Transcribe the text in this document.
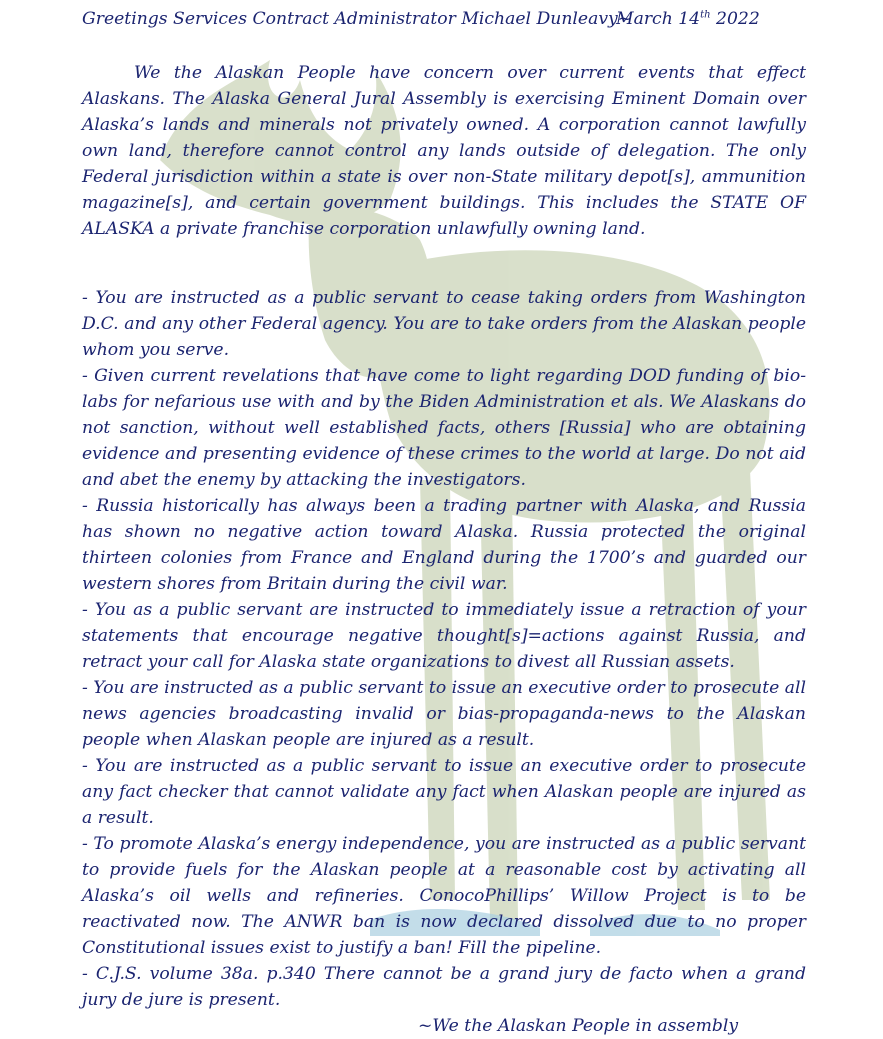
Greetings Services Contract Administrator Michael Dunleavy~
March 14th 2022

We the Alaskan People have concern over current events that effect Alaskans. The Alaska General Jural Assembly is exercising Eminent Domain over Alaska’s lands and minerals not privately owned. A corporation cannot lawfully own land, therefore cannot control any lands outside of delegation. The only Federal jurisdiction within a state is over non-State military depot[s], ammunition magazine[s], and certain government buildings. This includes the STATE OF ALASKA a private franchise corporation unlawfully owning land.

- You are instructed as a public servant to cease taking orders from Washington D.C. and any other Federal agency. You are to take orders from the Alaskan people whom you serve.

- Given current revelations that have come to light regarding DOD funding of bio-labs for nefarious use with and by the Biden Administration et als. We Alaskans do not sanction, without well established facts, others [Russia] who are obtaining evidence and presenting evidence of these crimes to the world at large. Do not aid and abet the enemy by attacking the investigators.

- Russia historically has always been a trading partner with Alaska, and Russia has shown no negative action toward Alaska. Russia protected the original thirteen colonies from France and England during the 1700’s and guarded our western shores from Britain during the civil war.

- You as a public servant are instructed to immediately issue a retraction of your statements that encourage negative thought[s]=actions against Russia, and retract your call for Alaska state organizations to divest all Russian assets.

- You are instructed as a public servant to issue an executive order to prosecute all news agencies broadcasting invalid or bias-propaganda-news to the Alaskan people when Alaskan people are injured as a result.

- You are instructed as a public servant to issue an executive order to prosecute any fact checker that cannot validate any fact when Alaskan people are injured as a result.

- To promote Alaska’s energy independence, you are instructed as a public servant to provide fuels for the Alaskan people at a reasonable cost by activating all Alaska’s oil wells and refineries. ConocoPhillips’ Willow Project is to be reactivated now. The ANWR ban is now declared dissolved due to no proper Constitutional issues exist to justify a ban! Fill the pipeline.

- C.J.S. volume 38a. p.340 There cannot be a grand jury de facto when a grand jury de jure is present.

~We the Alaskan People in assembly
